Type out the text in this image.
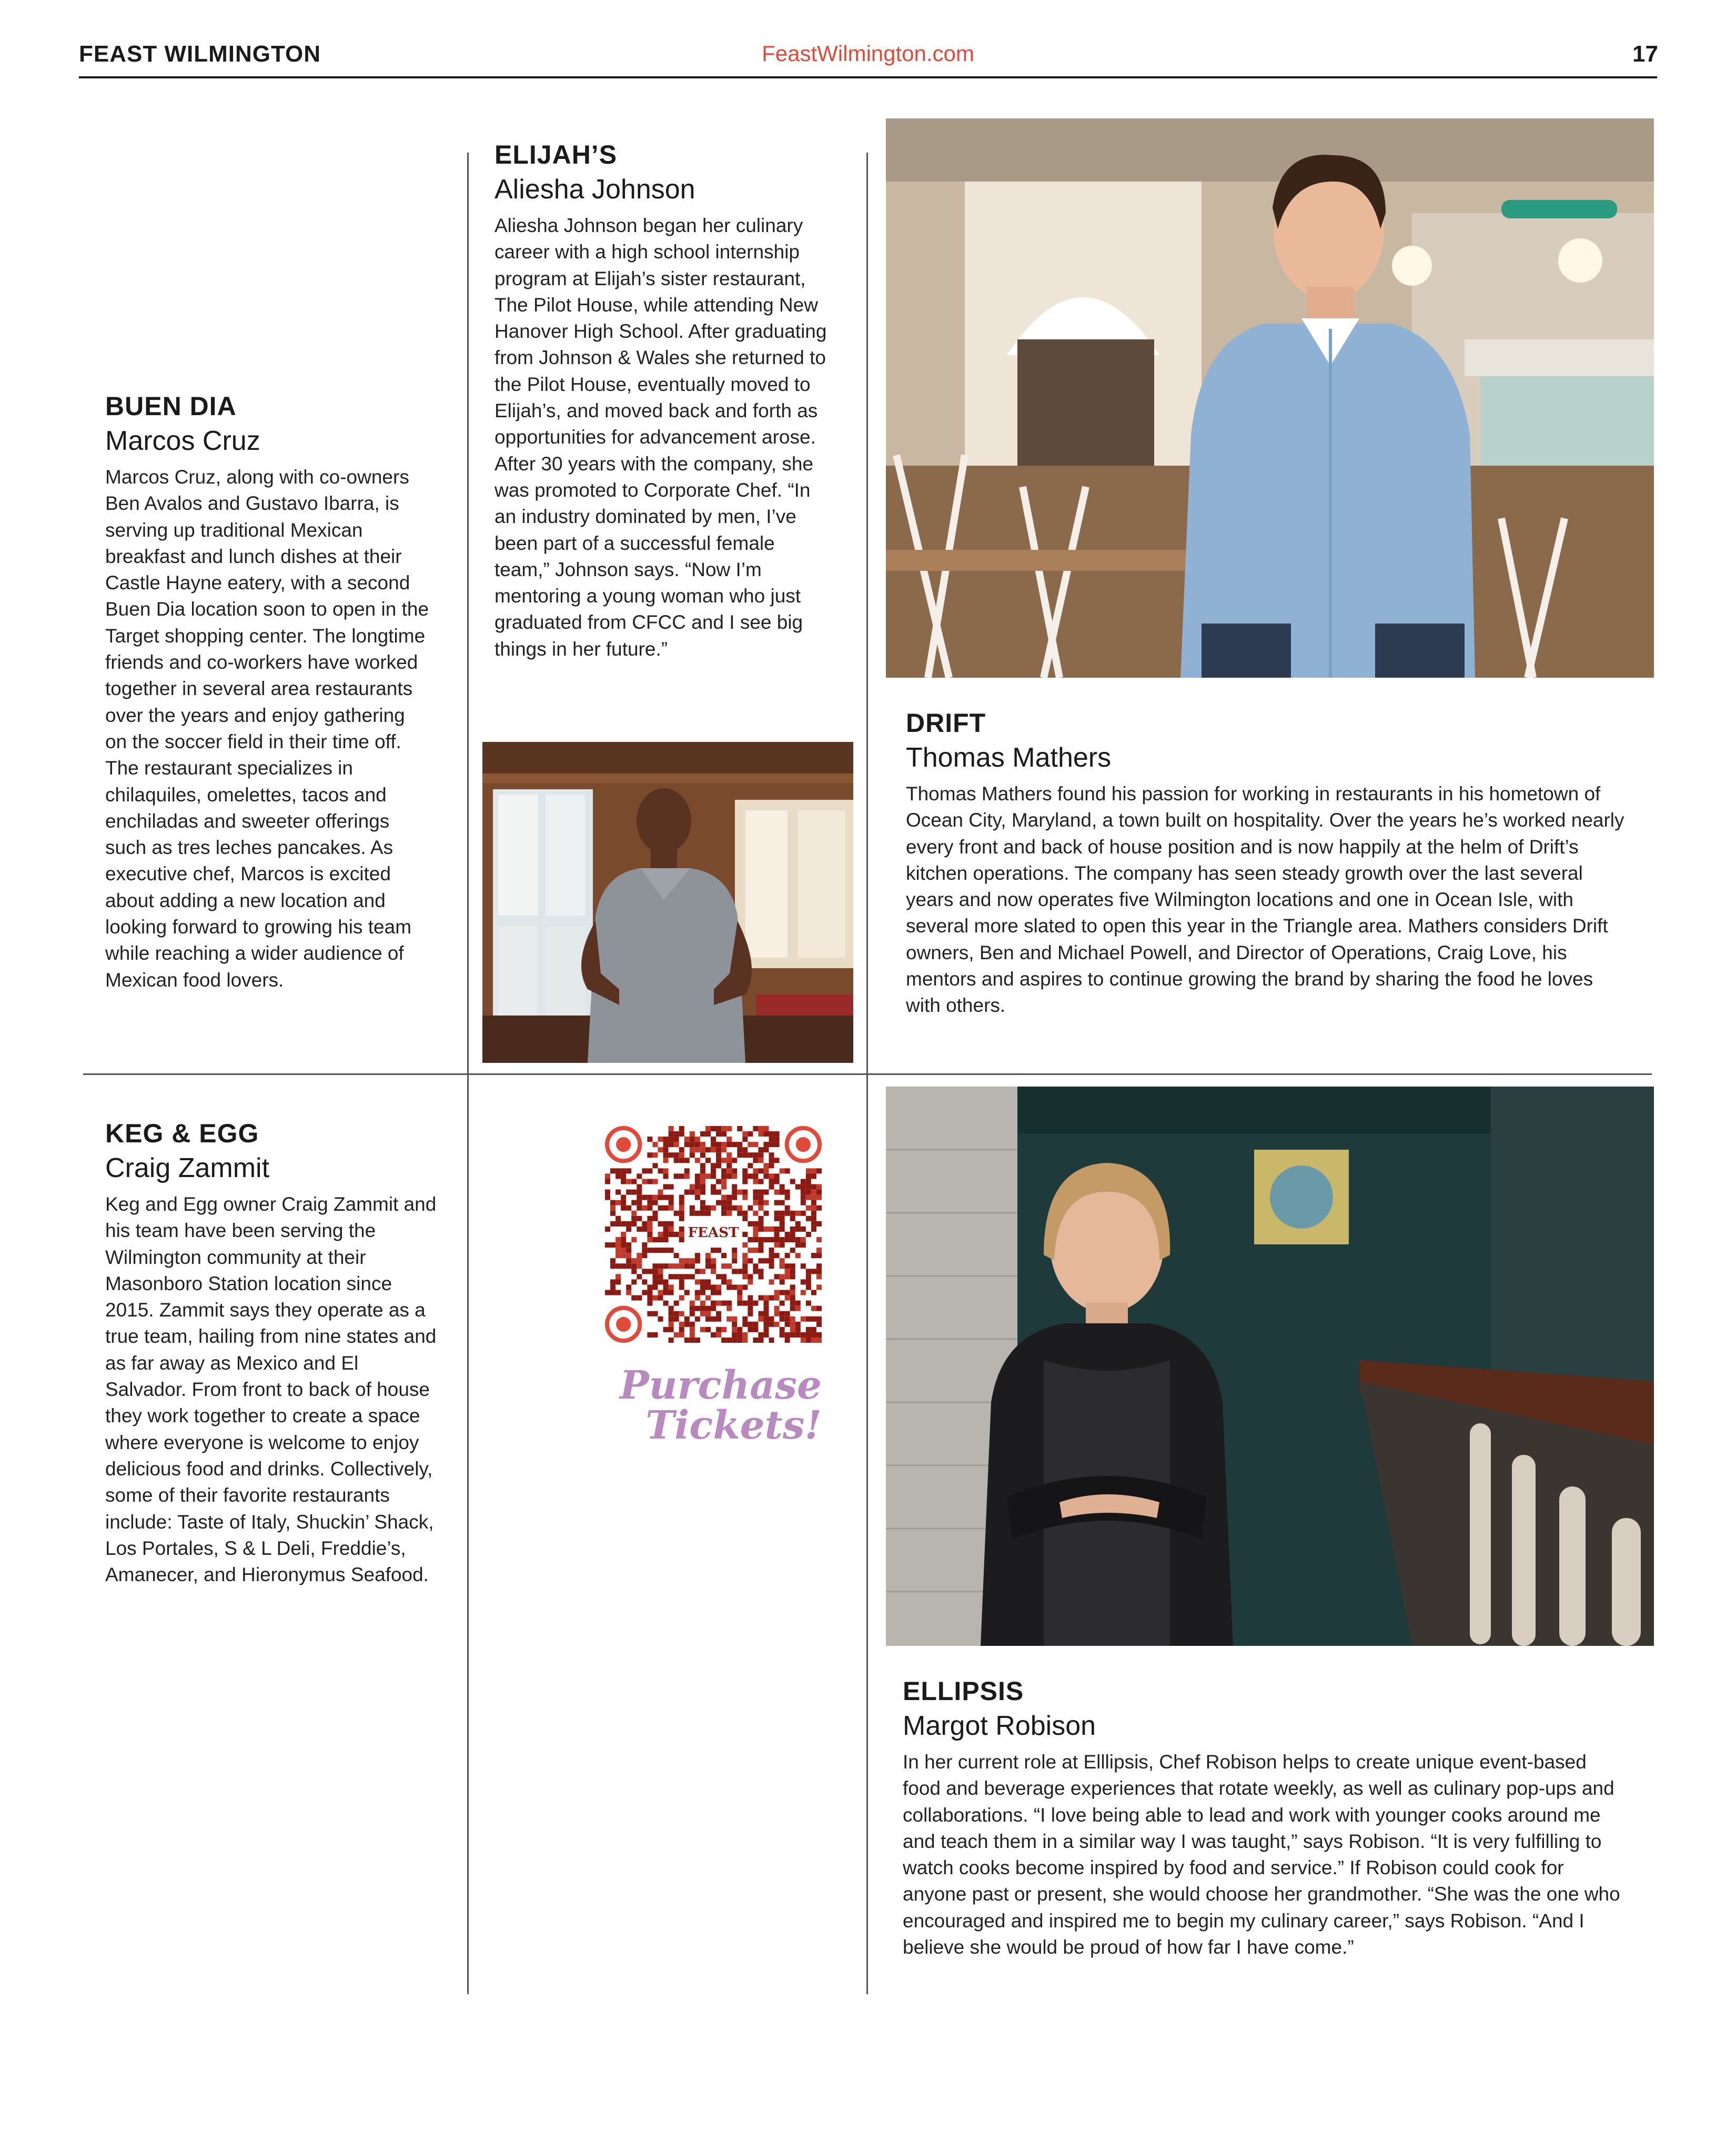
FEAST WILMINGTON	FeastWilmington.com	17
BUEN DIA
Marcos Cruz

Marcos Cruz, along with co-owners Ben Avalos and Gustavo Ibarra, is serving up traditional Mexican breakfast and lunch dishes at their Castle Hayne eatery, with a second Buen Dia location soon to open in the Target shopping center. The longtime friends and co-workers have worked together in several area restaurants over the years and enjoy gathering on the soccer field in their time off. The restaurant specializes in chilaquiles, omelettes, tacos and enchiladas and sweeter offerings such as tres leches pancakes. As executive chef, Marcos is excited about adding a new location and looking forward to growing his team while reaching a wider audience of Mexican food lovers.

ELIJAH’S
Aliesha Johnson

Aliesha Johnson began her culinary career with a high school internship program at Elijah’s sister restaurant, The Pilot House, while attending New Hanover High School. After graduating from Johnson & Wales she returned to the Pilot House, eventually moved to Elijah’s, and moved back and forth as opportunities for advancement arose. After 30 years with the company, she was promoted to Corporate Chef. “In an industry dominated by men, I’ve been part of a successful female team,” Johnson says. “Now I’m mentoring a young woman who just graduated from CFCC and I see big things in her future.”

DRIFT
Thomas Mathers

Thomas Mathers found his passion for working in restaurants in his hometown of Ocean City, Maryland, a town built on hospitality. Over the years he’s worked nearly every front and back of house position and is now happily at the helm of Drift’s kitchen operations. The company has seen steady growth over the last several years and now operates five Wilmington locations and one in Ocean Isle, with several more slated to open this year in the Triangle area. Mathers considers Drift owners, Ben and Michael Powell, and Director of Operations, Craig Love, his mentors and aspires to continue growing the brand by sharing the food he loves with others.

KEG & EGG
Craig Zammit

Keg and Egg owner Craig Zammit and his team have been serving the Wilmington community at their Masonboro Station location since 2015. Zammit says they operate as a true team, hailing from nine states and as far away as Mexico and El Salvador. From front to back of house they work together to create a space where everyone is welcome to enjoy delicious food and drinks. Collectively, some of their favorite restaurants include: Taste of Italy, Shuckin’ Shack, Los Portales, S & L Deli, Freddie’s, Amanecer, and Hieronymus Seafood.

FEAST
Purchase
Tickets!
ELLIPSIS
Margot Robison

In her current role at Elllipsis, Chef Robison helps to create unique event-based food and beverage experiences that rotate weekly, as well as culinary pop-ups and collaborations. “I love being able to lead and work with younger cooks around me and teach them in a similar way I was taught,” says Robison. “It is very fulfilling to watch cooks become inspired by food and service.” If Robison could cook for anyone past or present, she would choose her grandmother. “She was the one who encouraged and inspired me to begin my culinary career,” says Robison. “And I believe she would be proud of how far I have come.”
